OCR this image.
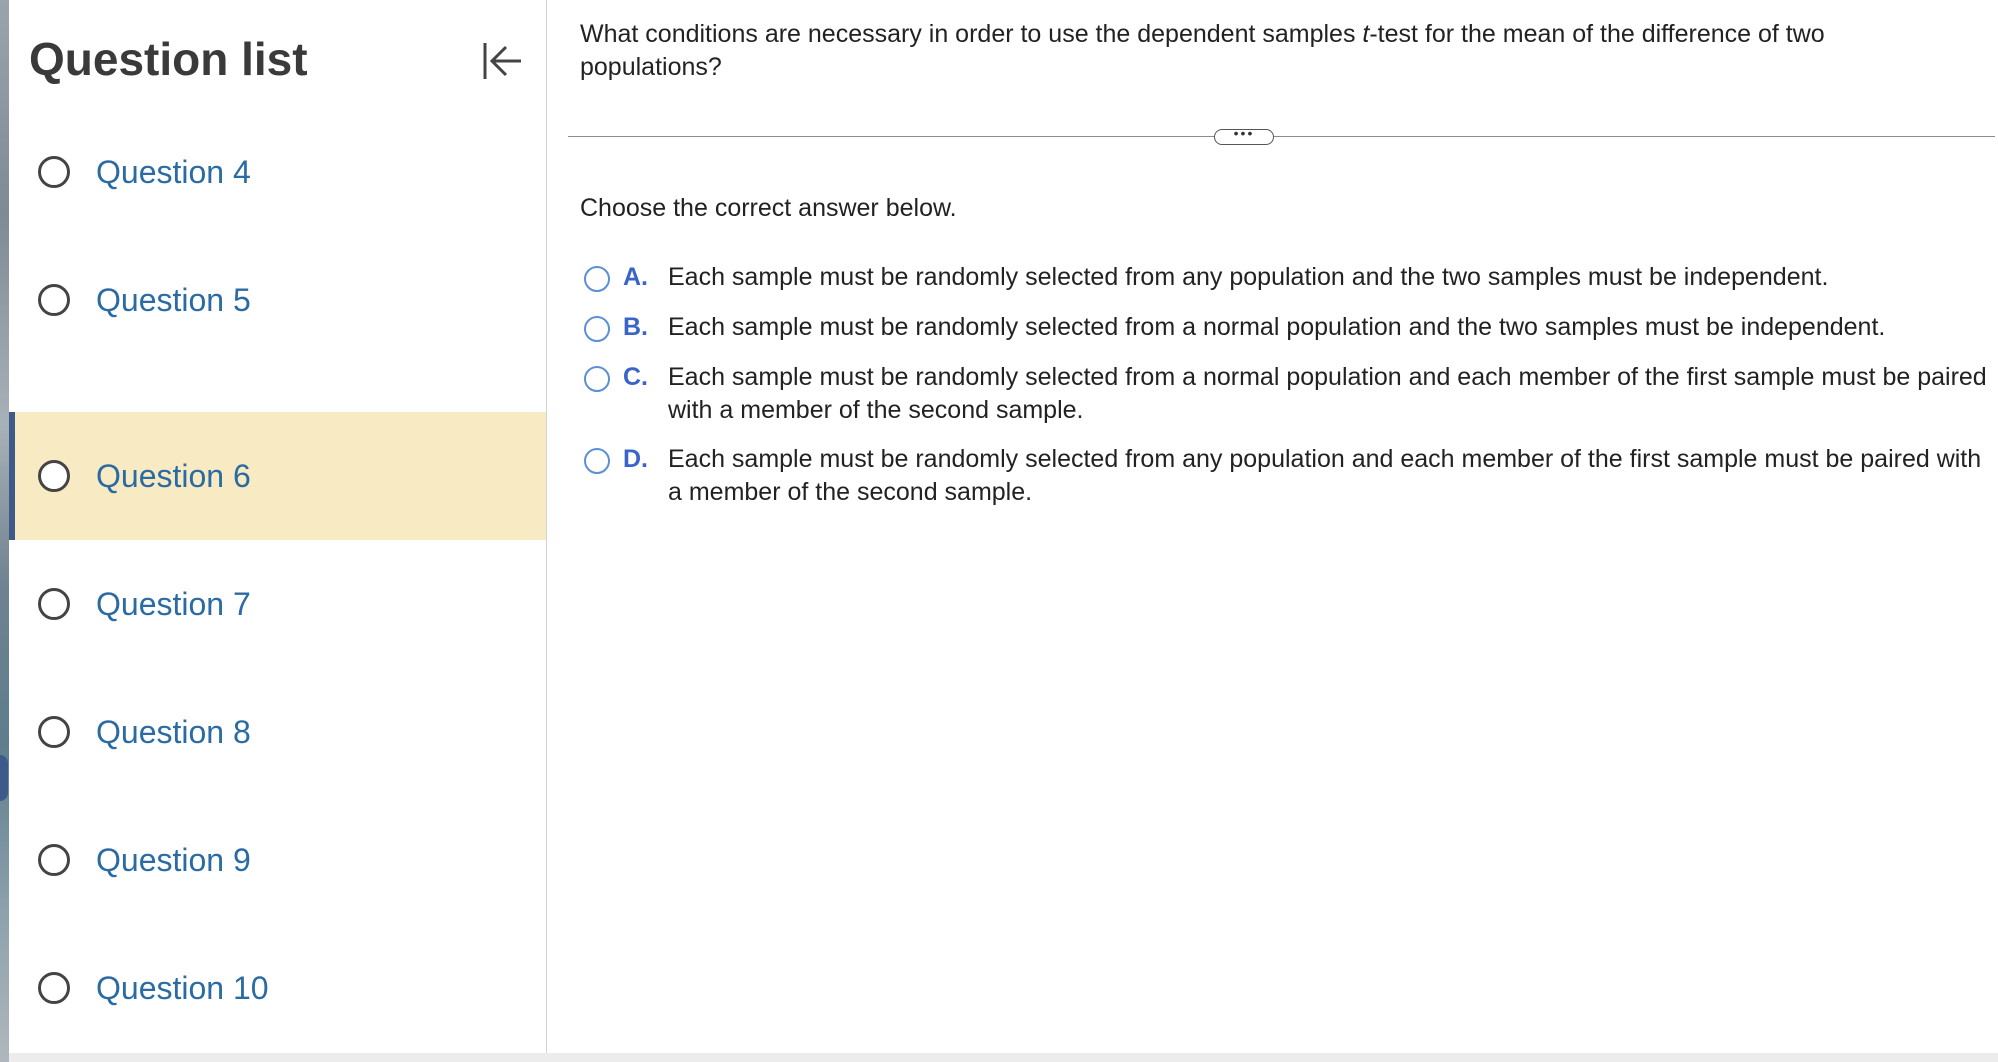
Question list
Question 4
Question 5
Question 6
Question 7
Question 8
Question 9
Question 10
What conditions are necessary in order to use the dependent samples t-test for the mean of the difference of two populations?
•••
Choose the correct answer below.
A. Each sample must be randomly selected from any population and the two samples must be independent.
B. Each sample must be randomly selected from a normal population and the two samples must be independent.
C. Each sample must be randomly selected from a normal population and each member of the first sample must be paired with a member of the second sample.
D. Each sample must be randomly selected from any population and each member of the first sample must be paired with a member of the second sample.
